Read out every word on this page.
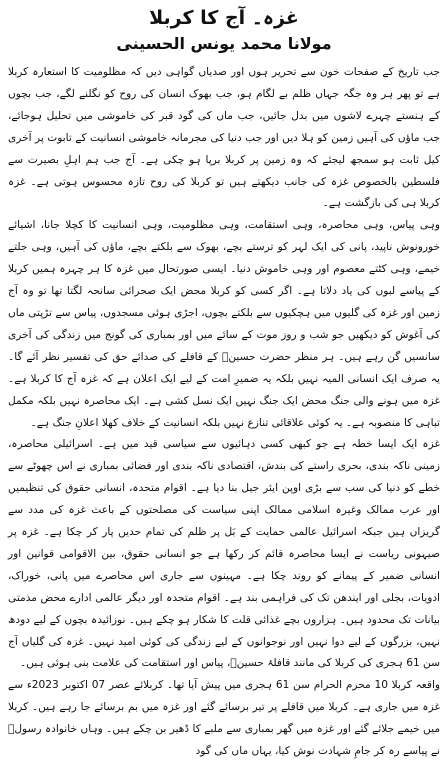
غزہ۔ آج کا کربلا
مولانا محمد یونس الحسینی

جب تاریخ کے صفحات خون سے تحریر ہوں اور صدیاں گواہی دیں کہ مظلومیت کا استعارہ کربلا ہے تو پھر ہر وہ جگہ جہاں ظلم بے لگام ہو، جب بھوک انسان کی روح کو نگلنے لگے، جب بچوں کے ہنستے چہرے لاشوں میں بدل جائیں، جب ماں کی گود قبر کی خاموشی میں تحلیل ہوجائے، جب ماؤں کی آہیں زمین کو ہلا دیں اور جب دنیا کی مجرمانہ خاموشی انسانیت کے تابوت پر آخری کیل ثابت ہو سمجھ لیجئے کہ وہ زمین پر کربلا برپا ہو چکی ہے۔ آج جب ہم اہلِ بصیرت سے فلسطین بالخصوص غزہ کی جانب دیکھتے ہیں تو کربلا کی روح تازہ محسوس ہوتی ہے۔ غزہ کربلا ہی کی بازگشت ہے۔

وہی پیاس، وہی محاصرہ، وہی استقامت، وہی مظلومیت، وہی انسانیت کا کچلا جانا، اشیائے خورونوش ناپید، پانی کی ایک لہر کو ترستے بچے، بھوک سے بلکتے بچے، ماؤں کی آہیں، وہی جلتے خیمے، وہی کٹتے معصوم اور وہی خاموش دنیا۔ ایسی صورتحال میں غزہ کا ہر چہرہ ہمیں کربلا کے پیاسے لبوں کی یاد دلاتا ہے۔ اگر کسی کو کربلا محض ایک صحرائی سانحہ لگتا تھا تو وہ آج زمین اور غزہ کی گلیوں میں ہچکیوں سے بلکتے بچوں، اجڑی ہوئی مسجدوں، پیاس سے تڑپتی ماں کی آغوش کو دیکھیں جو شب و روز موت کے سائے میں اور بمباری کی گونج میں زندگی کی آخری سانسیں گن رہے ہیں۔ ہر منظر حضرت حسینؓ کے قافلے کی صدائے حق کی تفسیر نظر آئے گا۔ یہ صرف ایک انسانی المیہ نہیں بلکہ یہ ضمیرِ امت کے لیے ایک اعلان ہے کہ غزہ آج کا کربلا ہے۔ غزہ میں ہونے والی جنگ محض ایک جنگ نہیں ایک نسل کشی ہے۔ ایک محاصرہ نہیں بلکہ مکمل تباہی کا منصوبہ ہے۔ یہ کوئی علاقائی تنازع نہیں بلکہ انسانیت کے خلاف کھلا اعلانِ جنگ ہے۔

غزہ ایک ایسا خطہ ہے جو کبھی کسی دہائیوں سے سیاسی قید میں ہے۔ اسرائیلی محاصرہ، زمینی ناکہ بندی، بحری راستے کی بندش، اقتصادی ناکہ بندی اور فضائی بمباری نے اس چھوٹے سے خطے کو دنیا کی سب سے بڑی اوپن ایئر جیل بنا دیا ہے۔ اقوام متحدہ، انسانی حقوق کی تنظیمیں اور عرب ممالک وغیرہ اسلامی ممالک اپنی سیاست کی مصلحتوں کے باعث غزہ کی مدد سے گریزاں ہیں جبکہ اسرائیل عالمی حمایت کے بَل پر ظلم کی تمام حدیں پار کر چکا ہے۔ غزہ پر صیہونی ریاست نے ایسا محاصرہ قائم کر رکھا ہے جو انسانی حقوق، بین الاقوامی قوانین اور انسانی ضمیر کے پیمانے کو روند چکا ہے۔ مہینوں سے جاری اس محاصرے میں پانی، خوراک، ادویات، بجلی اور ایندھن تک کی فراہمی بند ہے۔ اقوام متحدہ اور دیگر عالمی ادارے محض مذمتی بیانات تک محدود ہیں۔ ہزاروں بچے غذائی قلت کا شکار ہو چکے ہیں۔ نوزائیدہ بچوں کے لیے دودھ نہیں، بزرگوں کے لیے دوا نہیں اور نوجوانوں کے لیے زندگی کی کوئی امید نہیں۔ غزہ کی گلیاں آج سن 61 ہجری کی کربلا کی مانند قافلۂ حسینؓ، پیاس اور استقامت کی علامت بنی ہوئی ہیں۔

واقعہ کربلا 10 محرم الحرام سن 61 ہجری میں پیش آیا تھا۔ کربلائے عصر 07 اکتوبر 2023ء سے غزہ میں جاری ہے۔ کربلا میں قافلے پر تیر برسائے گئے اور غزہ میں بم برسائے جا رہے ہیں۔ کربلا میں خیمے جلائے گئے اور غزہ میں گھر بمباری سے ملبے کا ڈھیر بن چکے ہیں۔ وہاں خانوادہ رسولؐ نے پیاسے رہ کر جامِ شہادت نوش کیا، یہاں ماں کی گود
